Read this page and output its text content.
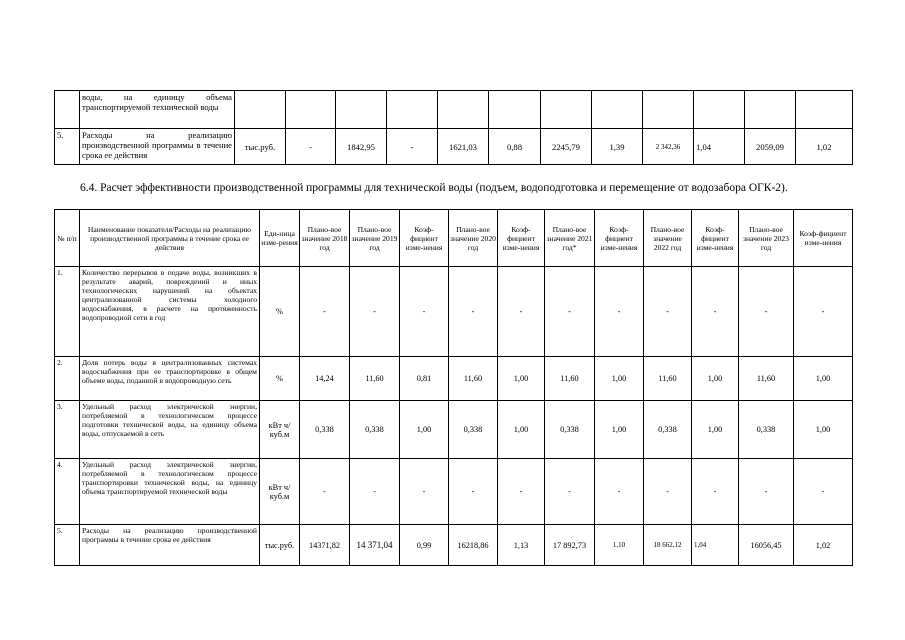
	воды, на единицу объема транспортируемой технической воды												
5.	Расходы на реализацию производственной программы в течение срока ее действия	тыс.руб.	-	1842,95	-	1621,03	0,88	2245,79	1,39	2 342,36	1,04	2059,09	1,02

6.4. Расчет эффективности производственной программы для технической воды (подъем, водоподготовка и перемещение от водозабора ОГК-2).

№ п/п	Наименование показателя/Расходы на реализацию производственной программы в течение срока ее действия	Еди-ница изме-рения	Плано-вое значение 2018 год	Плано-вое значение 2019 год	Коэф-фициент изме-нения	Плано-вое значение 2020 год	Коэф-фициент изме-нения	Плано-вое значение 2021 год*	Коэф-фициент изме-нения	Плано-вое значение 2022 год	Коэф-фициент изме-нения	Плано-вое значение 2023 год	Коэф-фициент изме-нения
1.	Количество перерывов в подаче воды, возникших в результате аварий, повреждений и иных технологических нарушений на объектах централизованной системы холодного водоснабжения, в расчете на протяженность водопроводной сети в год	%	-	-	-	-	-	-	-	-	-	-	-
2.	Доля потерь воды в централизованных системах водоснабжения при ее транспортировке в общем объеме воды, поданной в водопроводную сеть	%	14,24	11,60	0,81	11,60	1,00	11,60	1,00	11,60	1,00	11,60	1,00
3.	Удельный расход электрической энергии, потребляемой в технологическом процессе подготовки технической воды, на единицу объема воды, отпускаемой в сеть	кВт ч/куб.м	0,338	0,338	1,00	0,338	1,00	0,338	1,00	0,338	1,00	0,338	1,00
4.	Удельный расход электрической энергии, потребляемой в технологическом процессе транспортировки технической воды, на единицу объема транспортируемой технической воды	кВт ч/куб.м	-	-	-	-	-	-	-	-	-	-	-
5.	Расходы на реализацию производственной программы в течение срока ее действия	тыс.руб.	14371,82	14 371,04	0,99	16218,86	1,13	17 892,73	1,10	18 662,12	1,04	16056,45	1,02
